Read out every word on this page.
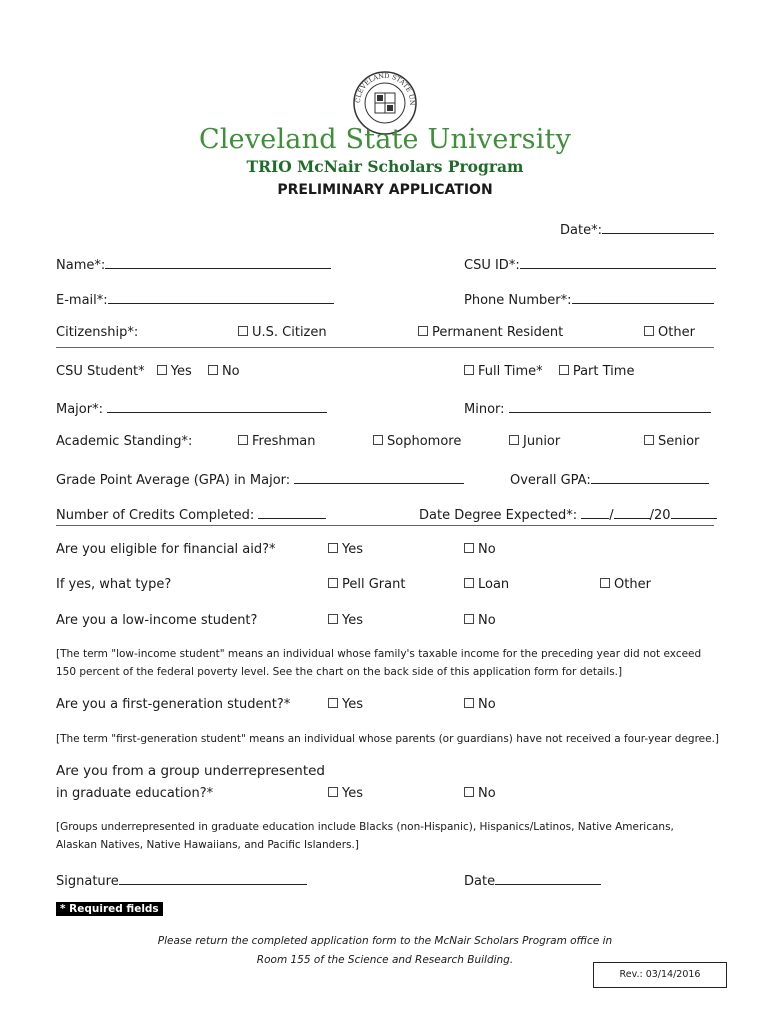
CLEVELAND STATE UN
Cleveland State University
TRIO McNair Scholars Program
PRELIMINARY APPLICATION
Date*:
Name*:	CSU ID*:
E-mail*:	Phone Number*:
Citizenship*:	U.S. Citizen	Permanent Resident	Other
CSU Student* Yes No	Full Time* Part Time
Major*:	Minor:
Academic Standing*:	Freshman	Sophomore	Junior	Senior
Grade Point Average (GPA) in Major:	Overall GPA:
Number of Credits Completed:	Date Degree Expected*: /	/20
Are you eligible for financial aid?*	Yes	No
If yes, what type?	Pell Grant	Loan	Other
Are you a low-income student?	Yes	No
[The term "low-income student" means an individual whose family's taxable income for the preceding year did not exceed 150 percent of the federal poverty level. See the chart on the back side of this application form for details.]
Are you a first-generation student?*	Yes	No
[The term "first-generation student" means an individual whose parents (or guardians) have not received a four-year degree.]
Are you from a group underrepresented
in graduate education?*	Yes	No
[Groups underrepresented in graduate education include Blacks (non-Hispanic), Hispanics/Latinos, Native Americans, Alaskan Natives, Native Hawaiians, and Pacific Islanders.]
Signature	Date
* Required fields
Please return the completed application form to the McNair Scholars Program office in
Room 155 of the Science and Research Building.
Rev.: 03/14/2016
